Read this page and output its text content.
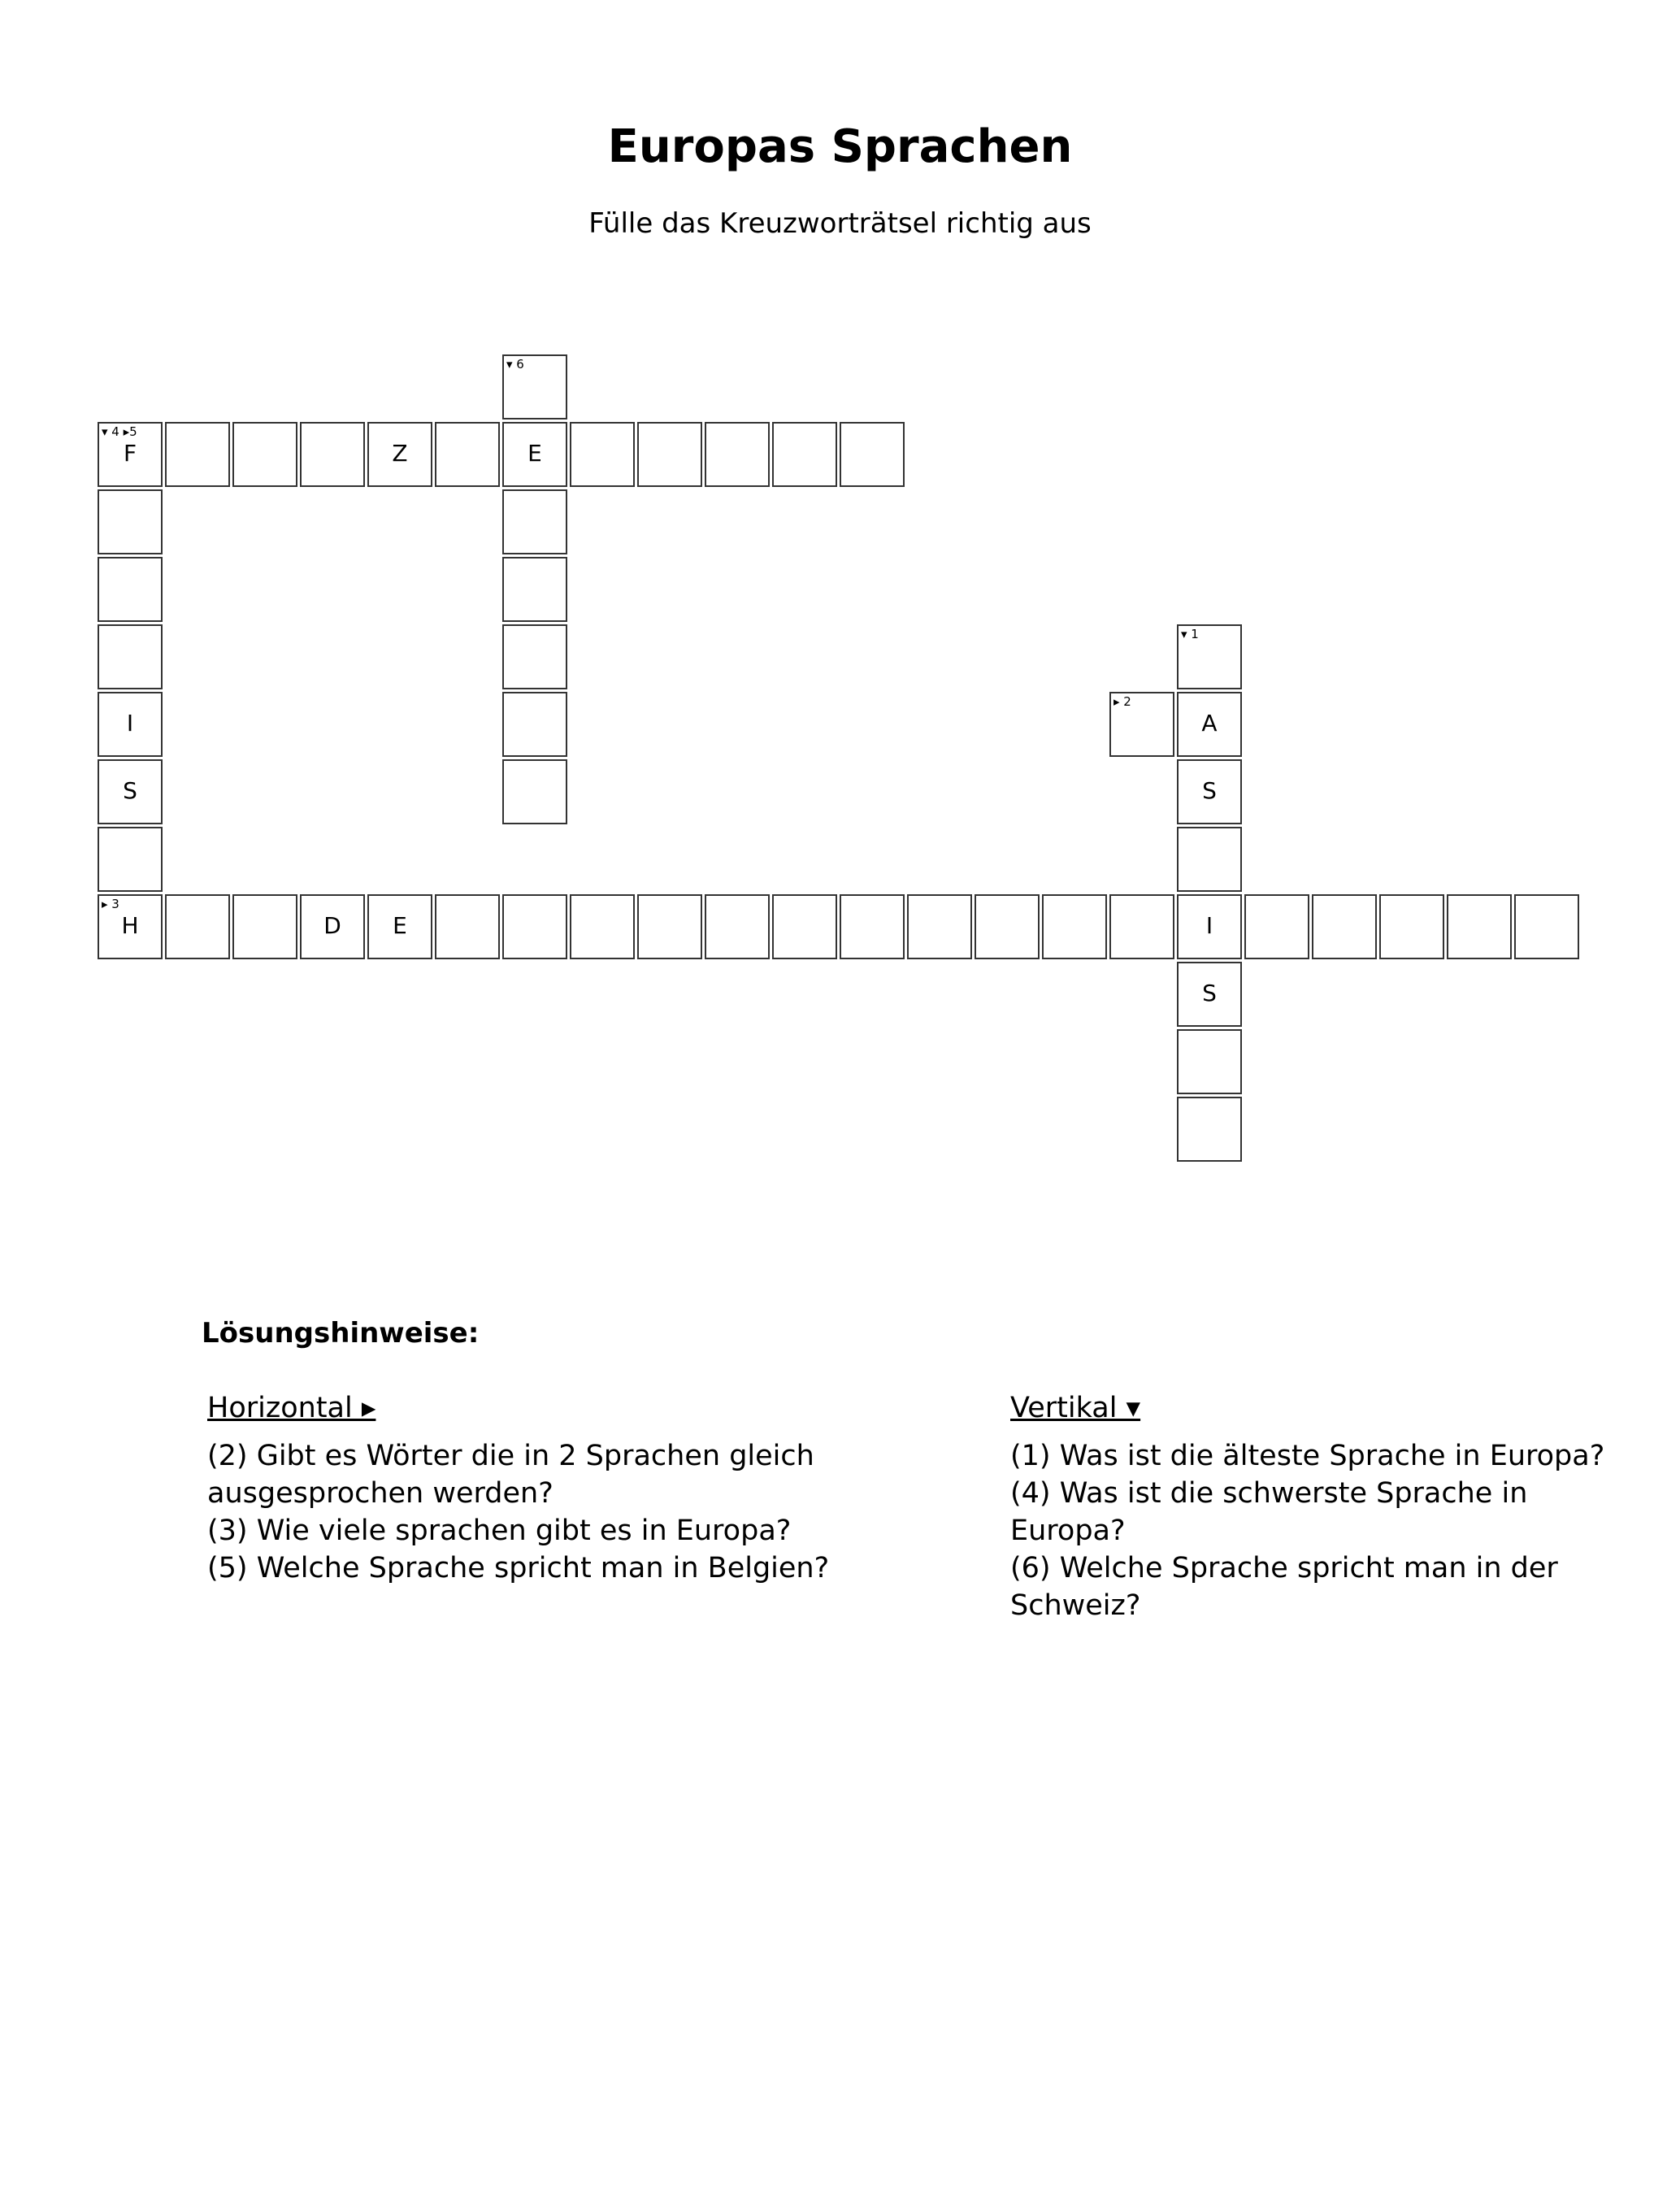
Europas Sprachen
Fülle das Kreuzworträtsel richtig aus
▾ 6
▾ 4 ▸5
F	Z	E
I
S
▾ 1
▸ 2
A
S
▸ 3
H	D	E	I
S
Lösungshinweise:
Horizontal ▸
(2) Gibt es Wörter die in 2 Sprachen gleich ausgesprochen werden?
(3) Wie viele sprachen gibt es in Europa?
(5) Welche Sprache spricht man in Belgien?
Vertikal ▾
(1) Was ist die älteste Sprache in Europa?
(4) Was ist die schwerste Sprache in Europa?
(6) Welche Sprache spricht man in der Schweiz?
